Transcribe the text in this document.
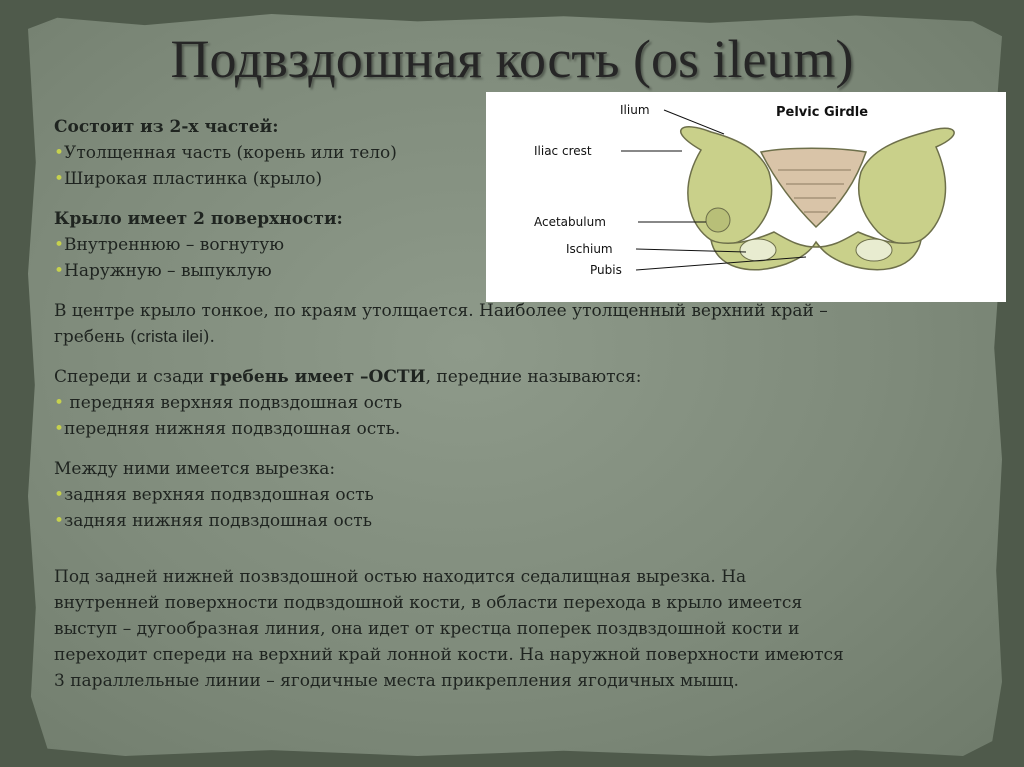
Подвздошная кость (os ileum)
Pelvic Girdle
Ilium
Iliac crest
Acetabulum
Ischium
Pubis

Состоит из 2-х частей:

•Утолщенная часть (корень или тело)

•Широкая пластинка (крыло)

Крыло имеет 2 поверхности:

•Внутреннюю – вогнутую

•Наружную – выпуклую

В центре крыло тонкое, по краям утолщается. Наиболее утолщенный верхний край –

гребень (crista ilei).

Спереди и сзади гребень имеет –ОСТИ, передние называются:

• передняя верхняя подвздошная ость

•передняя нижняя подвздошная ость.

Между ними имеется вырезка:

•задняя верхняя подвздошная ость

•задняя нижняя подвздошная ость

Под задней нижней позвздошной остью находится седалищная вырезка. На

внутренней поверхности подвздошной кости, в области перехода в крыло имеется

выступ – дугообразная линия, она идет от крестца поперек поздвздошной кости и

переходит спереди на верхний край лонной кости. На наружной поверхности имеются

3 параллельные линии – ягодичные места прикрепления ягодичных мышц.
